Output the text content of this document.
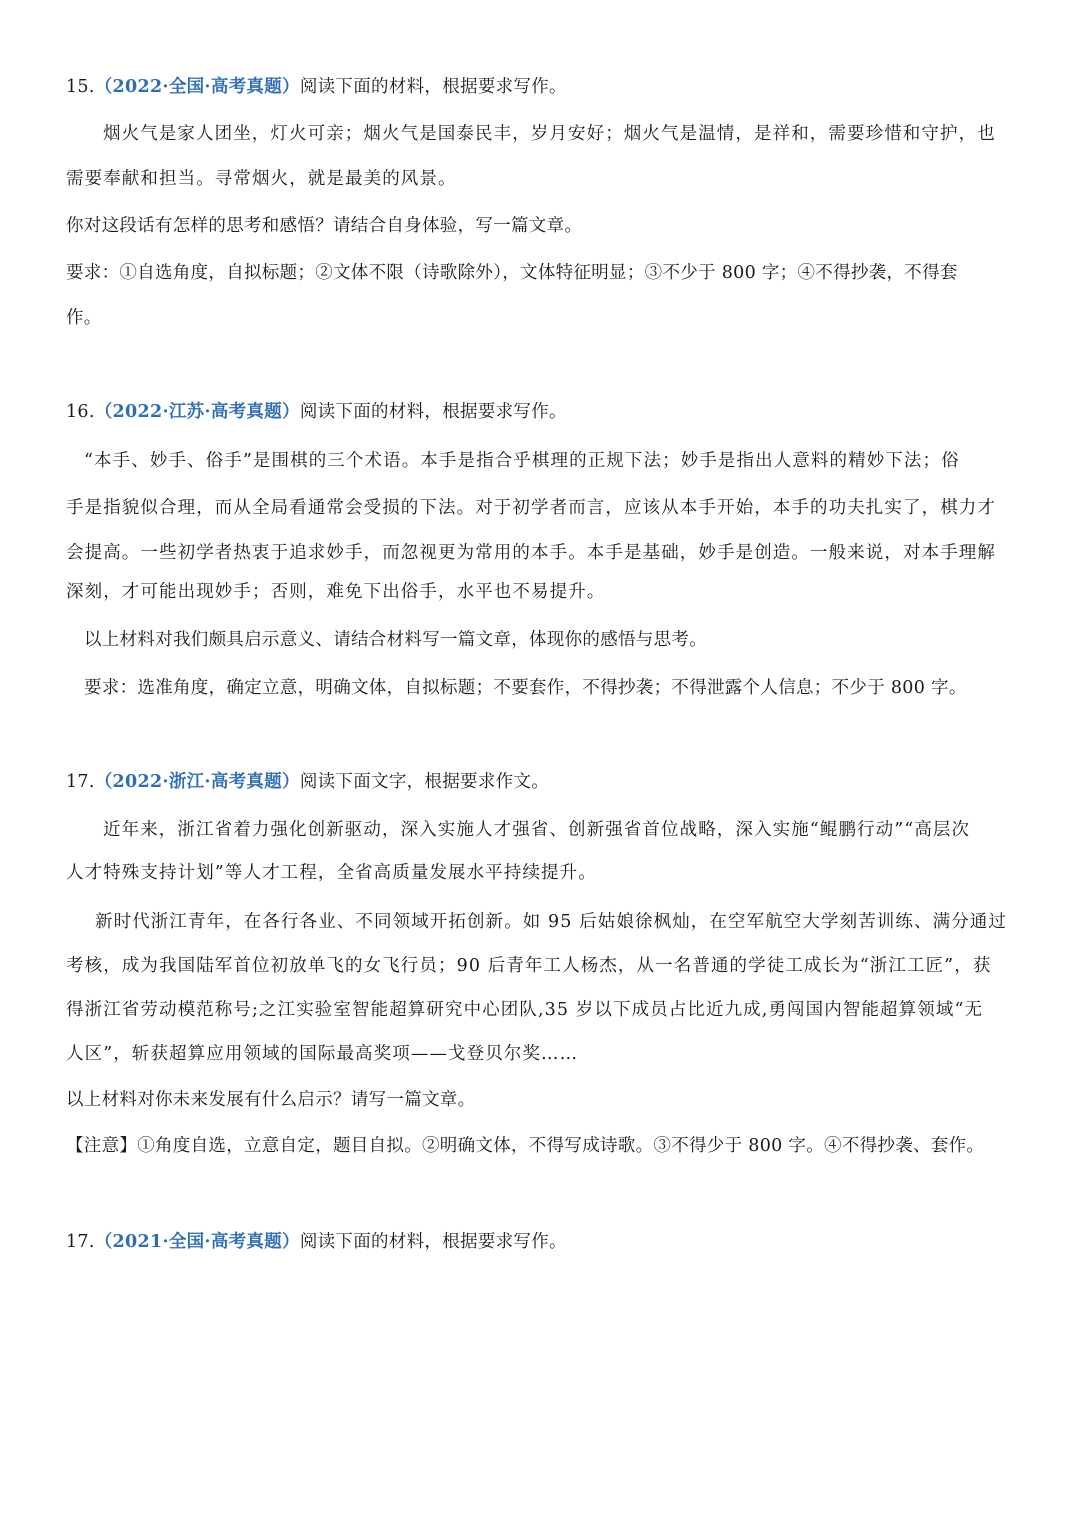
15.（2022·全国·高考真题）阅读下面的材料，根据要求写作。
烟火气是家人团坐，灯火可亲；烟火气是国泰民丰，岁月安好；烟火气是温情，是祥和，需要珍惜和守护，也
需要奉献和担当。寻常烟火，就是最美的风景。
你对这段话有怎样的思考和感悟？请结合自身体验，写一篇文章。
要求：①自选角度，自拟标题；②文体不限（诗歌除外），文体特征明显；③不少于 800 字；④不得抄袭，不得套
作。
16.（2022·江苏·高考真题）阅读下面的材料，根据要求写作。
“本手、妙手、俗手”是围棋的三个术语。本手是指合乎棋理的正规下法；妙手是指出人意料的精妙下法；俗
手是指貌似合理，而从全局看通常会受损的下法。对于初学者而言，应该从本手开始，本手的功夫扎实了，棋力才
会提高。一些初学者热衷于追求妙手，而忽视更为常用的本手。本手是基础，妙手是创造。一般来说，对本手理解
深刻，才可能出现妙手；否则，难免下出俗手，水平也不易提升。
以上材料对我们颇具启示意义、请结合材料写一篇文章，体现你的感悟与思考。
要求：选准角度，确定立意，明确文体，自拟标题；不要套作，不得抄袭；不得泄露个人信息；不少于 800 字。
17.（2022·浙江·高考真题）阅读下面文字，根据要求作文。
近年来，浙江省着力强化创新驱动，深入实施人才强省、创新强省首位战略，深入实施“鲲鹏行动”“高层次
人才特殊支持计划”等人才工程，全省高质量发展水平持续提升。
新时代浙江青年，在各行各业、不同领域开拓创新。如 95 后姑娘徐枫灿，在空军航空大学刻苦训练、满分通过
考核，成为我国陆军首位初放单飞的女飞行员；90 后青年工人杨杰，从一名普通的学徒工成长为“浙江工匠”，获
得浙江省劳动模范称号;之江实验室智能超算研究中心团队,35 岁以下成员占比近九成,勇闯国内智能超算领域“无
人区”，斩获超算应用领域的国际最高奖项——戈登贝尔奖……
以上材料对你未来发展有什么启示？请写一篇文章。
【注意】①角度自选，立意自定，题目自拟。②明确文体，不得写成诗歌。③不得少于 800 字。④不得抄袭、套作。
17.（2021·全国·高考真题）阅读下面的材料，根据要求写作。
